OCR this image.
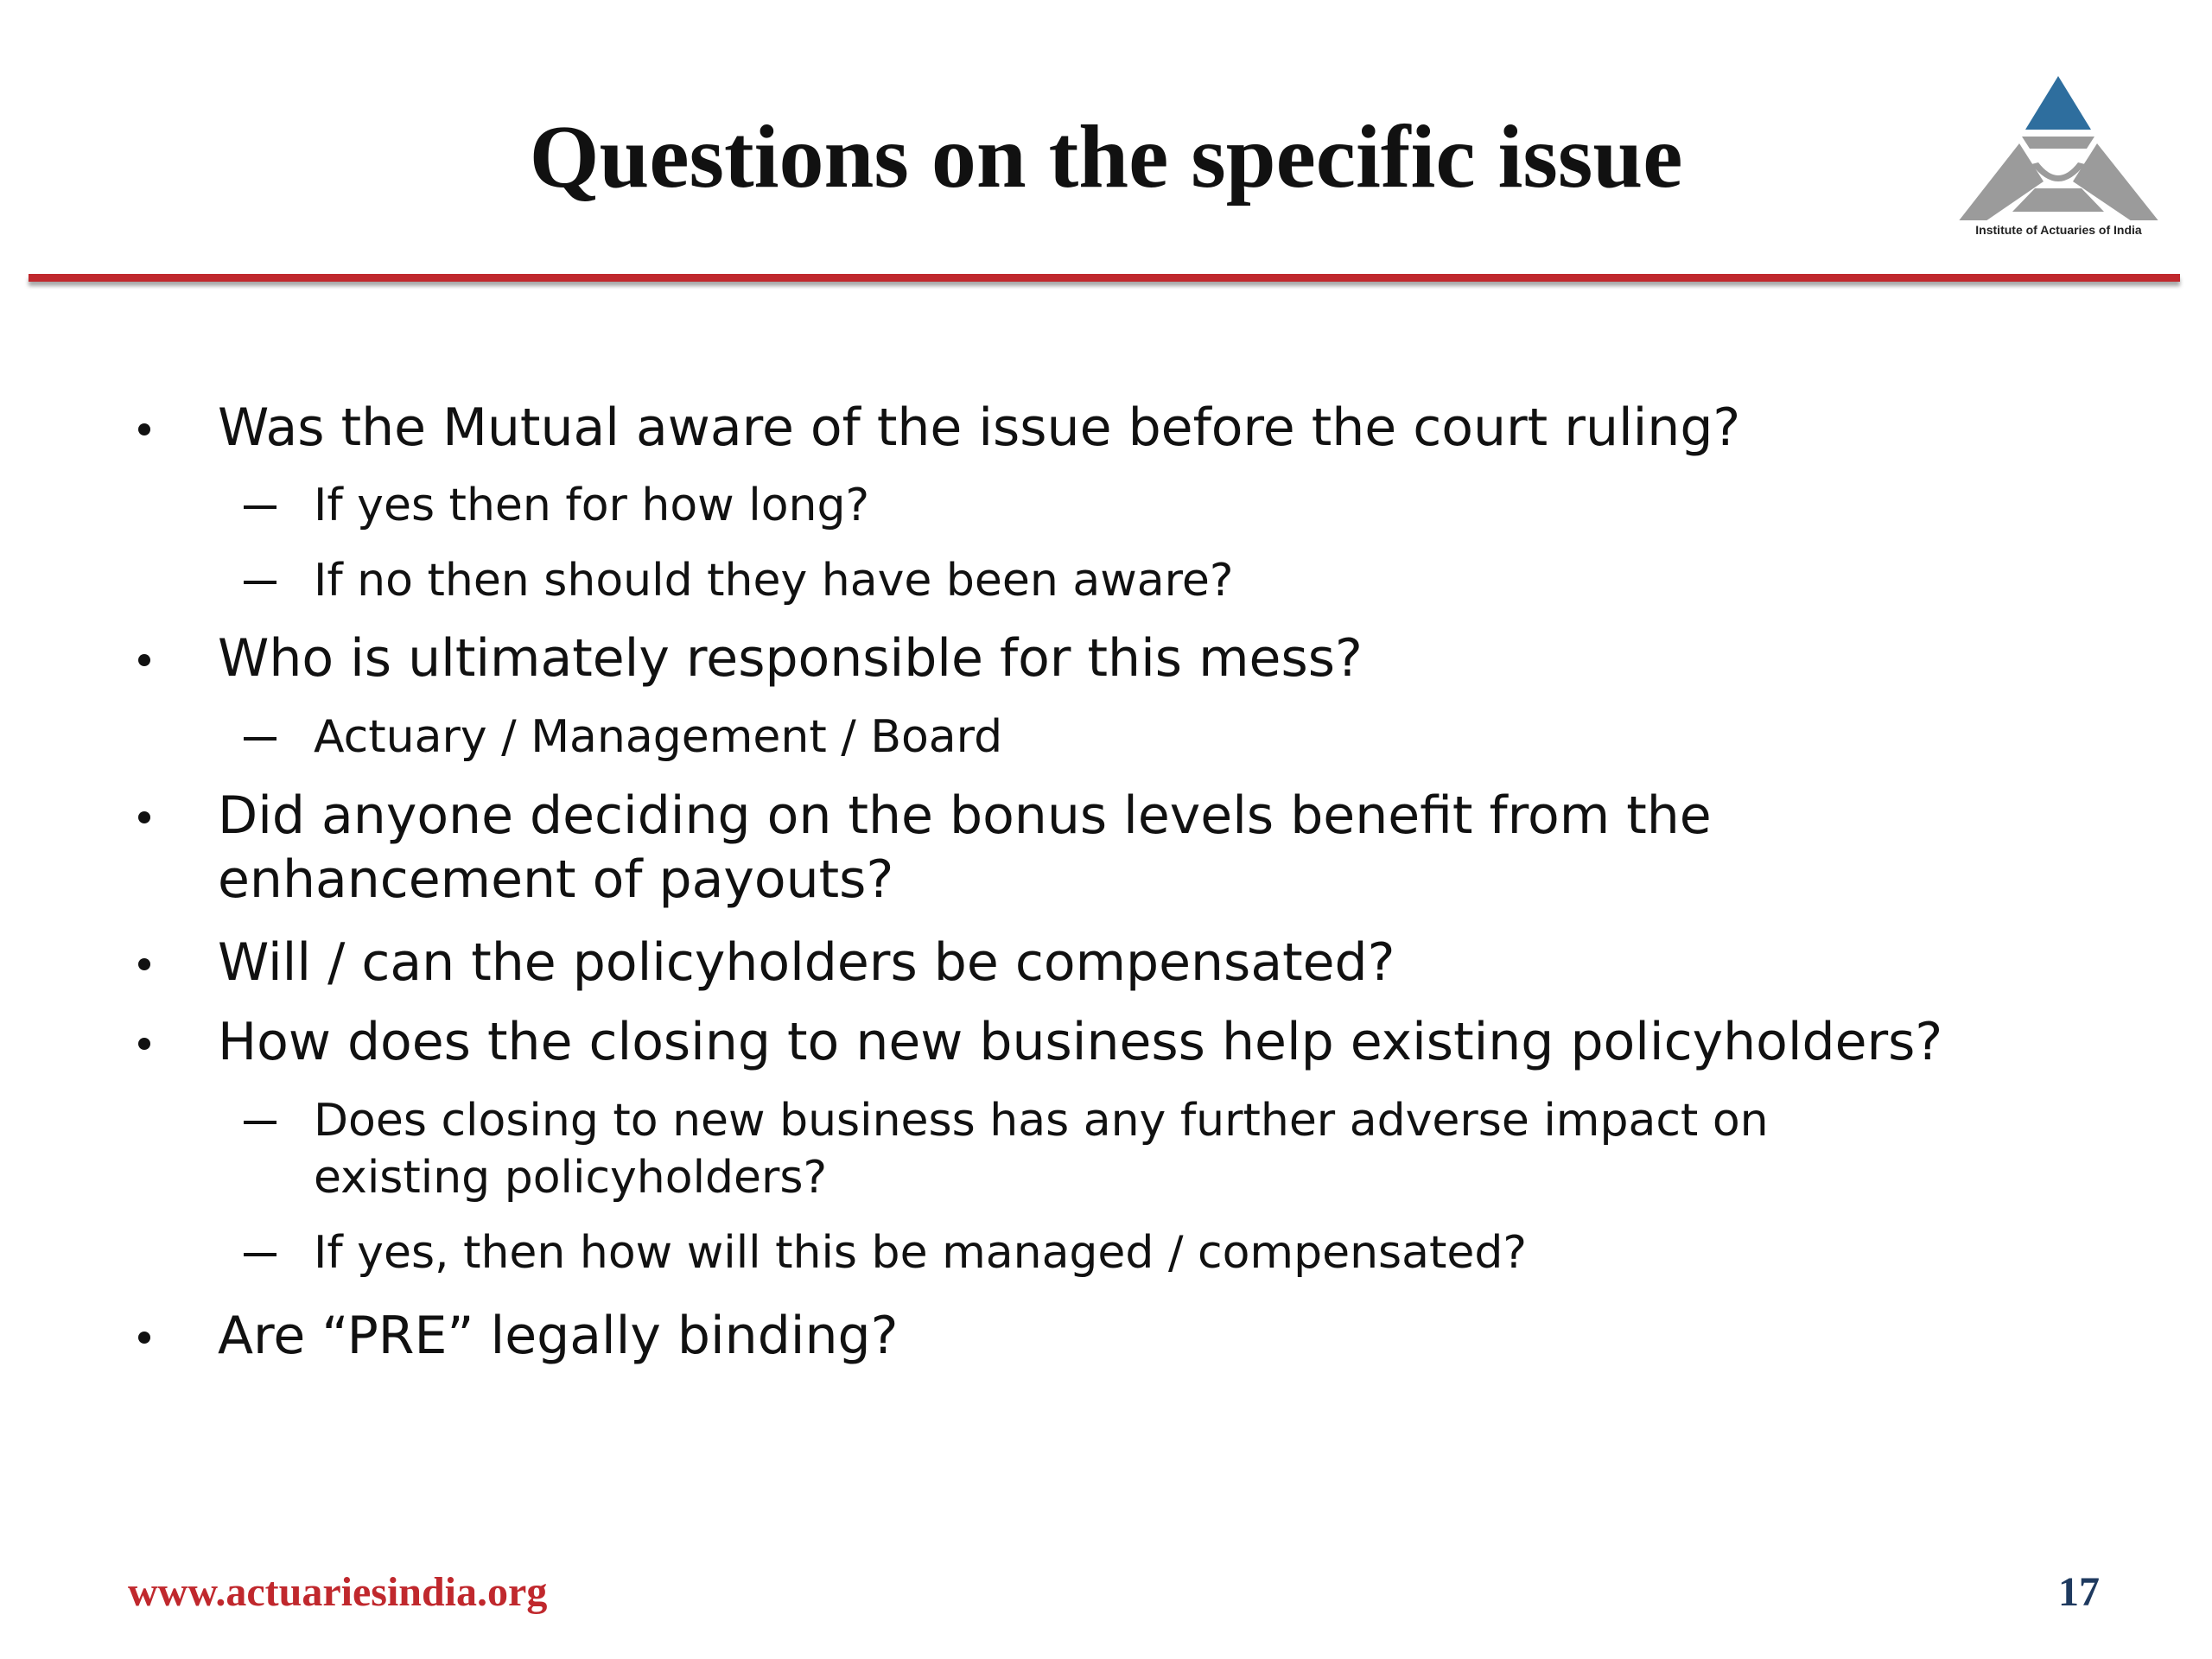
Questions on the specific issue
Institute of Actuaries of India
Was the Mutual aware of the issue before the court ruling?
If yes then for how long?
If no then should they have been aware?
Who is ultimately responsible for this mess?
Actuary / Management / Board
Did anyone deciding on the bonus levels benefit from the
enhancement of payouts?
Will / can the policyholders be compensated?
How does the closing to new business help existing policyholders?
Does closing to new business has any further adverse impact on
existing policyholders?
If yes, then how will this be managed / compensated?
Are “PRE” legally binding?
www.actuariesindia.org	17
